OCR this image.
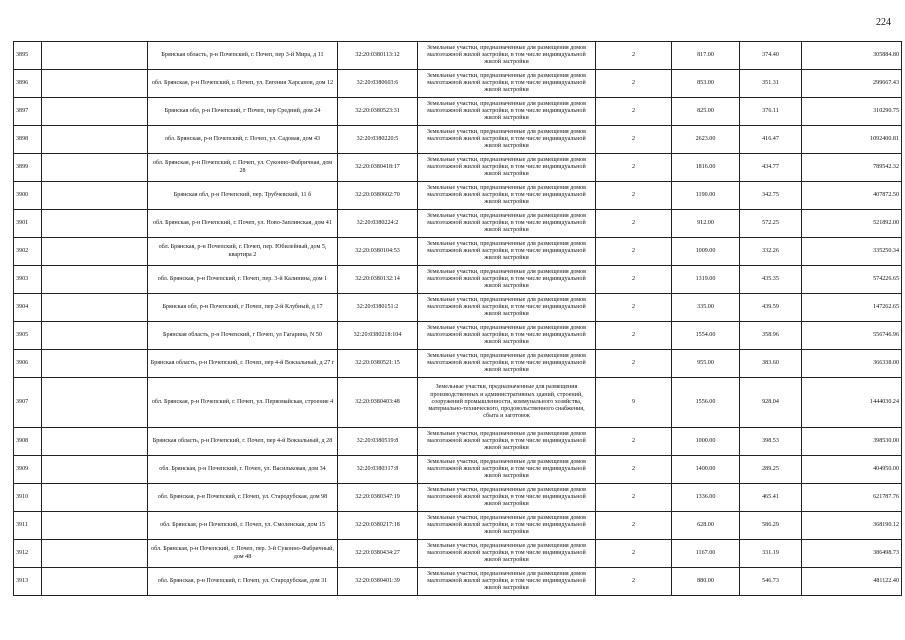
224
3895		Брянская область, р-н Почепский, г. Почеп, пер 3-й Мира, д 11	32:20:0380113:12	Земельные участки, предназначенные для размещения домов малоэтажной жилой застройки, в том числе индивидуальной жилой застройки	2	817.00	374.40	305884.80
3896		обл. Брянская, р-н Почепский, г. Почеп, ул. Евгения Харсанов, дом 12	32:20:0380603:6	Земельные участки, предназначенные для размещения домов малоэтажной жилой застройки, в том числе индивидуальной жилой застройки	2	853.00	351.31	299667.43
3897		Брянская обл, р-н Почепский, г Почеп, пер Средний, дом 24	32:20:0380523:31	Земельные участки, предназначенные для размещения домов малоэтажной жилой застройки, в том числе индивидуальной жилой застройки	2	825.00	376.11	310290.75
3898		обл. Брянская, р-н Почепский, г. Почеп, ул. Садовая, дом 43	32:20:0380220:5	Земельные участки, предназначенные для размещения домов малоэтажной жилой застройки, в том числе индивидуальной жилой застройки	2	2623.00	416.47	1092400.81
3899		обл. Брянская, р-н Почепский, г. Почеп, ул. Суконно-Фабричная, дом 28	32:20:0380418:17	Земельные участки, предназначенные для размещения домов малоэтажной жилой застройки, в том числе индивидуальной жилой застройки	2	1816.00	434.77	789542.32
3900		Брянская обл, р-н Почепский, пер. Трубчевский, 11 б	32:20:0380602:70	Земельные участки, предназначенные для размещения домов малоэтажной жилой застройки, в том числе индивидуальной жилой застройки	2	1190.00	342.75	407872.50
3901		обл. Брянская, р-н Почепский, г. Почеп, ул. Ново-Заплинская, дом 41	32:20:0380224:2	Земельные участки, предназначенные для размещения домов малоэтажной жилой застройки, в том числе индивидуальной жилой застройки	2	912.00	572.25	521892.00
3902		обл. Брянская, р-н Почепский, г. Почеп, пер. Юбилейный, дом 5, квартира 2	32:20:0380104:53	Земельные участки, предназначенные для размещения домов малоэтажной жилой застройки, в том числе индивидуальной жилой застройки	2	1009.00	332.26	335250.34
3903		обл. Брянская, р-н Почепский, г. Почеп, пер. 3-й Калинина, дом 1	32:20:0380132:14	Земельные участки, предназначенные для размещения домов малоэтажной жилой застройки, в том числе индивидуальной жилой застройки	2	1319.00	435.35	574226.65
3904		Брянская обл, р-н Почепский, г Почеп, пер 2-й Клубный, д 17	32:20:0380151:2	Земельные участки, предназначенные для размещения домов малоэтажной жилой застройки, в том числе индивидуальной жилой застройки	2	335.00	439.59	147262.65
3905		Брянская область, р-н Почепский, г Почеп, ул Гагарина, N 50	32:20:0380218:104	Земельные участки, предназначенные для размещения домов малоэтажной жилой застройки, в том числе индивидуальной жилой застройки	2	1554.00	358.96	556746.96
3906		Брянская область, р-н Почепский, г. Почеп, пер 4-й Вокзальный, д 27 г	32:20:0380521:15	Земельные участки, предназначенные для размещения домов малоэтажной жилой застройки, в том числе индивидуальной жилой застройки	2	955.00	383.60	366338.00
3907		обл. Брянская, р-н Почепский, г. Почеп, ул. Первомайская, строение 4	32:20:0380403:48	Земельные участки, предназначенные для размещения производственных и административных зданий, строений, сооружений промышленности, коммунального хозяйства, материально-технического, продовольственного снабжения, сбыта и заготовок	9	1556.00	928.04	1444030.24
3908		Брянская область, р-н Почепский, г. Почеп, пер 4-й Вокзальный, д 28	32:20:0380519:8	Земельные участки, предназначенные для размещения домов малоэтажной жилой застройки, в том числе индивидуальной жилой застройки	2	1000.00	398.53	398530.00
3909		обл. Брянская, р-н Почепский, г. Почеп, ул. Васильковая, дом 34	32:20:0380317:8	Земельные участки, предназначенные для размещения домов малоэтажной жилой застройки, в том числе индивидуальной жилой застройки	2	1400.00	289.25	404950.00
3910		обл. Брянская, р-н Почепский, г. Почеп, ул. Стародубская, дом 98	32:20:0380347:19	Земельные участки, предназначенные для размещения домов малоэтажной жилой застройки, в том числе индивидуальной жилой застройки	2	1336.00	465.41	621787.76
3911		обл. Брянская, р-н Почепский, г. Почеп, ул. Смоленская, дом 15	32:20:0380217:18	Земельные участки, предназначенные для размещения домов малоэтажной жилой застройки, в том числе индивидуальной жилой застройки	2	628.00	586.29	368190.12
3912		обл. Брянская, р-н Почепский, г. Почеп, пер. 3-й Суконно-Фабричный, дом 48	32:20:0380434:27	Земельные участки, предназначенные для размещения домов малоэтажной жилой застройки, в том числе индивидуальной жилой застройки	2	1167.00	331.19	386498.73
3913		обл. Брянская, р-н Почепский, г. Почеп, ул. Стародубская, дом 31	32:20:0380401:39	Земельные участки, предназначенные для размещения домов малоэтажной жилой застройки, в том числе индивидуальной жилой застройки	2	880.00	546.73	481122.40
